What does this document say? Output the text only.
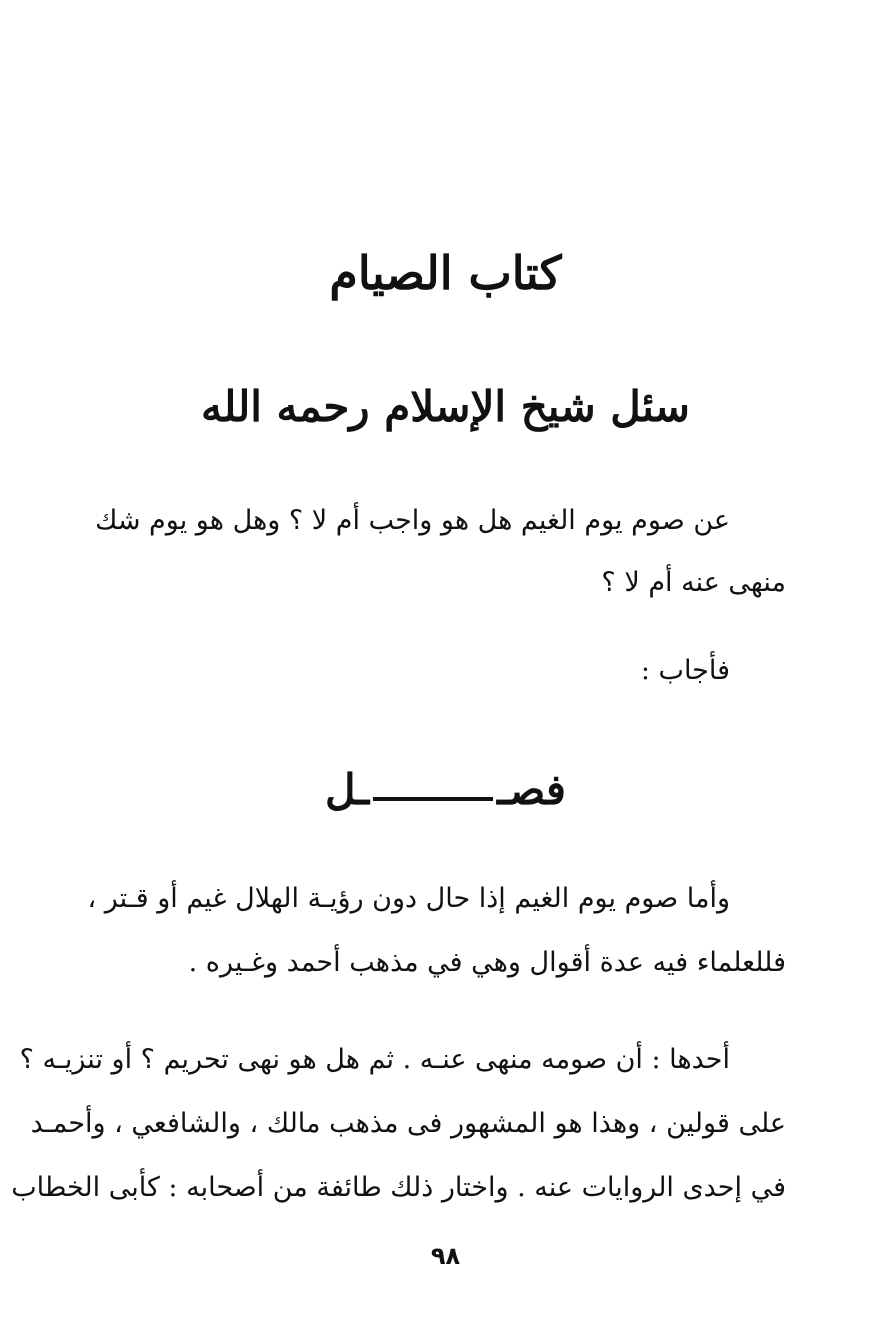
كتاب الصيام
سئل شيخ الإسلام رحمه الله
عن صوم يوم الغيم هل هو واجب أم لا ؟ وهل هو يوم شك
منهى عنه أم لا ؟
فأجاب :
فصــل
وأما صوم يوم الغيم إذا حال دون رؤيـة الهلال غيم أو قـتر ،
فللعلماء فيه عدة أقوال وهي في مذهب أحمد وغـيره .
أحدها : أن صومه منهى عنـه . ثم هل هو نهى تحريم ؟ أو تنزيـه ؟
على قولين ، وهذا هو المشهور فى مذهب مالك ، والشافعي ، وأحمـد
في إحدى الروايات عنه . واختار ذلك طائفة من أصحابه : كأبى الخطاب
٩٨
